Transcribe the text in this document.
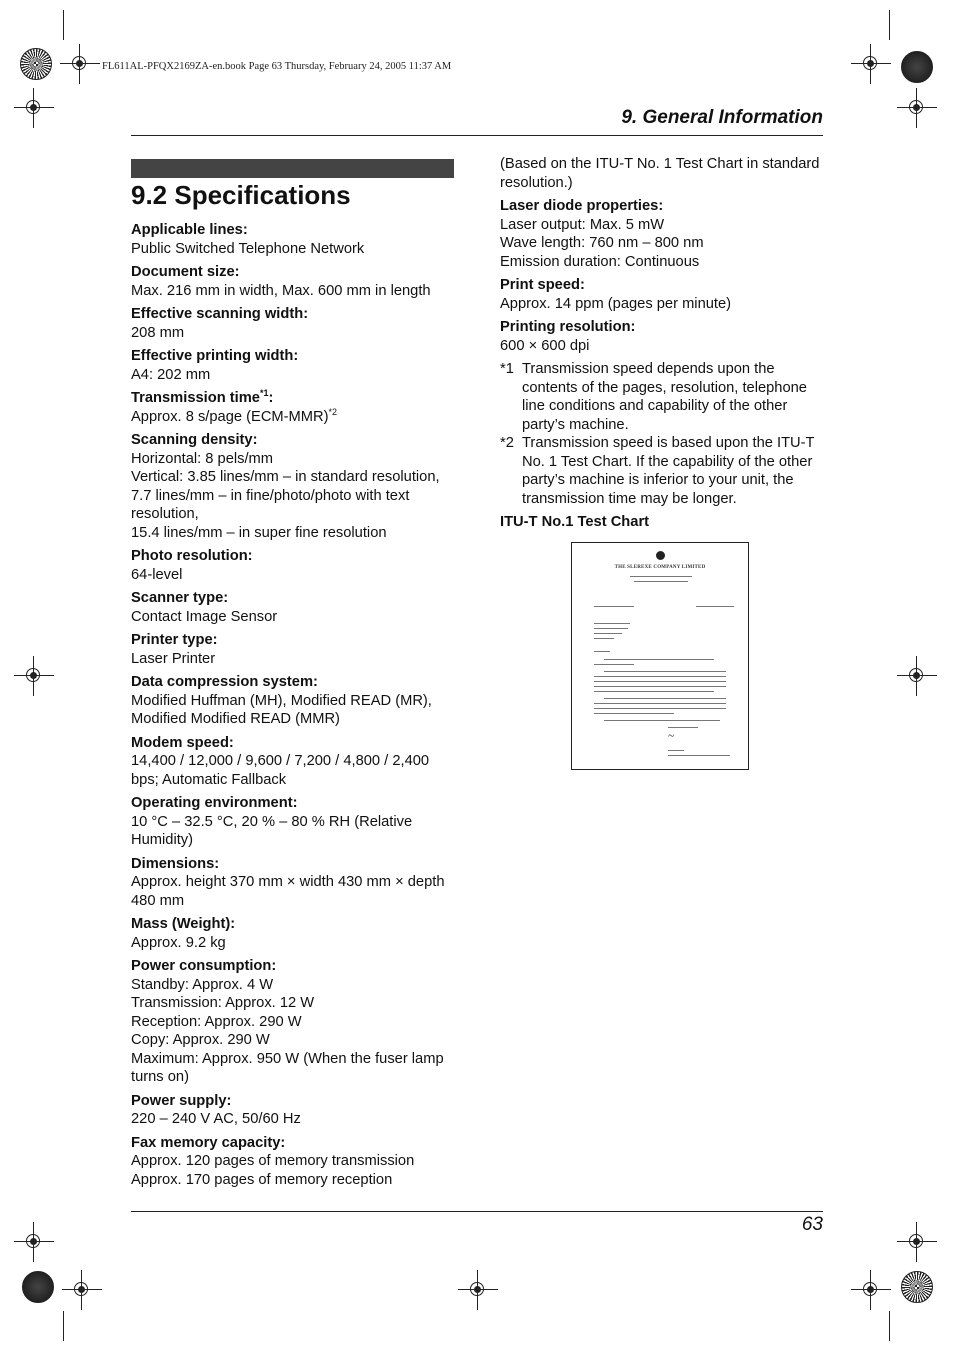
FL611AL-PFQX2169ZA-en.book Page 63 Thursday, February 24, 2005 11:37 AM
9. General Information
9.2 Specifications
Applicable lines:
Public Switched Telephone Network
Document size:
Max. 216 mm in width, Max. 600 mm in length
Effective scanning width:
208 mm
Effective printing width:
A4: 202 mm
Transmission time$^{*1}$:
Approx. 8 s/page $(ECM-MMR)^{*2}$
Scanning density:
Horizontal: 8 pels/mm
Vertical: 3.85 lines/mm – in standard resolution, 7.7 lines/mm – in fine/photo/photo with text resolution,
15.4 lines/mm – in super fine resolution
Photo resolution:
64-level
Scanner type:
Contact Image Sensor
Printer type:
Laser Printer
Data compression system:
Modified Huffman (MH), Modified READ (MR), Modified Modified READ (MMR)
Modem speed:
14,400 / 12,000 / 9,600 / 7,200 / 4,800 / 2,400 bps; Automatic Fallback
Operating environment:
10 °C – 32.5 °C, 20 % – 80 % RH (Relative Humidity)
Dimensions:
Approx. height 370 mm × width 430 mm × depth 480 mm
Mass (Weight):
Approx. 9.2 kg
Power consumption:
Standby: Approx. 4 W
Transmission: Approx. 12 W
Reception: Approx. 290 W
Copy: Approx. 290 W
Maximum: Approx. 950 W (When the fuser lamp turns on)
Power supply:
220 – 240 V AC, 50/60 Hz
Fax memory capacity:
Approx. 120 pages of memory transmission
Approx. 170 pages of memory reception
(Based on the ITU-T No. 1 Test Chart in standard resolution.)
Laser diode properties:
Laser output: Max. 5 mW
Wave length: 760 nm – 800 nm
Emission duration: Continuous
Print speed:
Approx. 14 ppm (pages per minute)
Printing resolution:
600 × 600 dpi
*1 Transmission speed depends upon the contents of the pages, resolution, telephone line conditions and capability of the other party’s machine.
*2 Transmission speed is based upon the ITU-T No. 1 Test Chart. If the capability of the other party’s machine is inferior to your unit, the transmission time may be longer.
ITU-T No.1 Test Chart
THE SLEREXE COMPANY LIMITED
~
63
